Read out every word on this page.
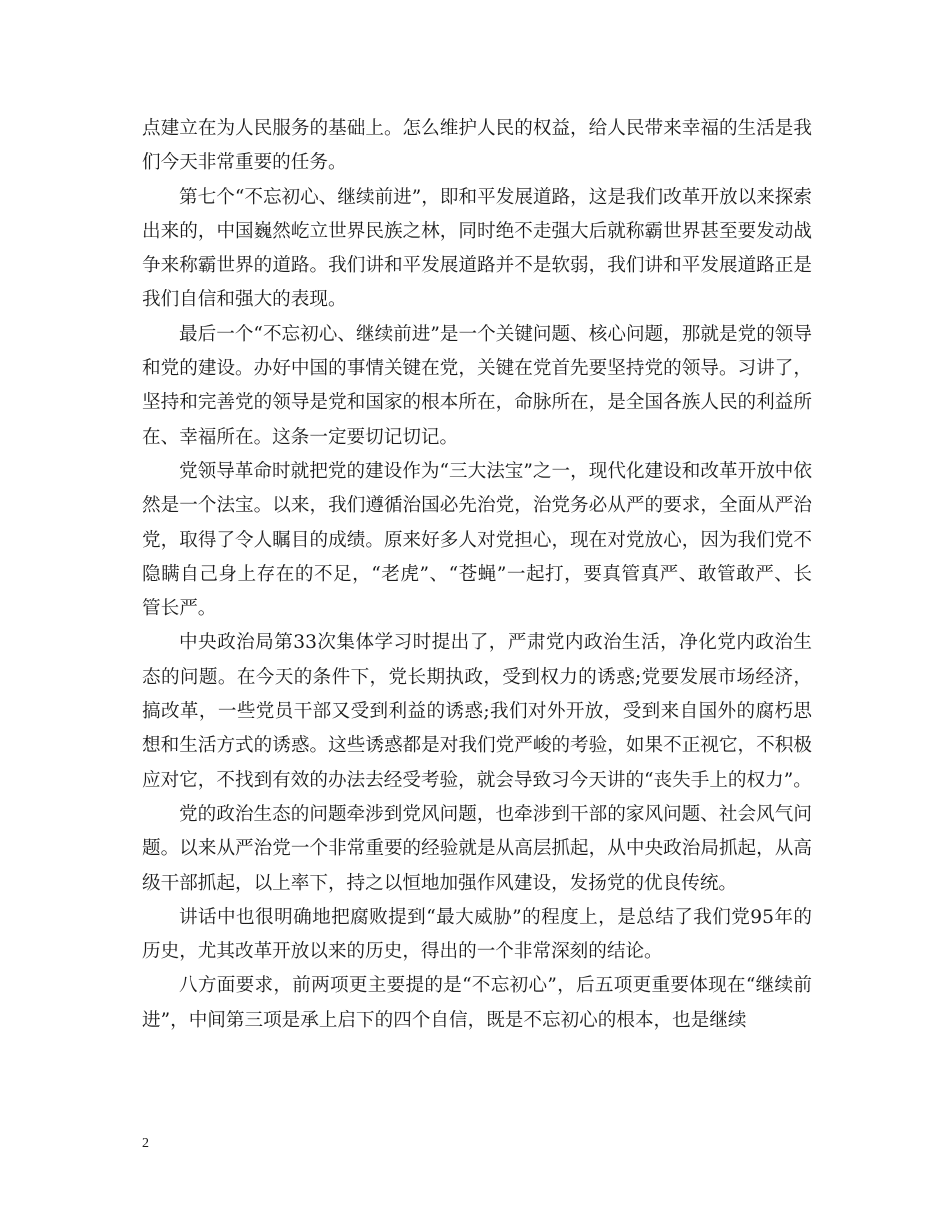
点建立在为人民服务的基础上。怎么维护人民的权益，给人民带来幸福的生活是我们今天非常重要的任务。

第七个“不忘初心、继续前进”，即和平发展道路，这是我们改革开放以来探索出来的，中国巍然屹立世界民族之林，同时绝不走强大后就称霸世界甚至要发动战争来称霸世界的道路。我们讲和平发展道路并不是软弱，我们讲和平发展道路正是我们自信和强大的表现。

最后一个“不忘初心、继续前进”是一个关键问题、核心问题，那就是党的领导和党的建设。办好中国的事情关键在党，关键在党首先要坚持党的领导。习讲了，坚持和完善党的领导是党和国家的根本所在，命脉所在，是全国各族人民的利益所在、幸福所在。这条一定要切记切记。

党领导革命时就把党的建设作为“三大法宝”之一，现代化建设和改革开放中依然是一个法宝。以来，我们遵循治国必先治党，治党务必从严的要求，全面从严治党，取得了令人瞩目的成绩。原来好多人对党担心，现在对党放心，因为我们党不隐瞒自己身上存在的不足，“老虎”、“苍蝇”一起打，要真管真严、敢管敢严、长管长严。

中央政治局第33次集体学习时提出了，严肃党内政治生活，净化党内政治生态的问题。在今天的条件下，党长期执政，受到权力的诱惑;党要发展市场经济，搞改革，一些党员干部又受到利益的诱惑;我们对外开放，受到来自国外的腐朽思想和生活方式的诱惑。这些诱惑都是对我们党严峻的考验，如果不正视它，不积极应对它，不找到有效的办法去经受考验，就会导致习今天讲的“丧失手上的权力”。

党的政治生态的问题牵涉到党风问题，也牵涉到干部的家风问题、社会风气问题。以来从严治党一个非常重要的经验就是从高层抓起，从中央政治局抓起，从高级干部抓起，以上率下，持之以恒地加强作风建设，发扬党的优良传统。

讲话中也很明确地把腐败提到“最大威胁”的程度上，是总结了我们党95年的历史，尤其改革开放以来的历史，得出的一个非常深刻的结论。

八方面要求，前两项更主要提的是“不忘初心”，后五项更重要体现在“继续前进”，中间第三项是承上启下的四个自信，既是不忘初心的根本，也是继续

2
